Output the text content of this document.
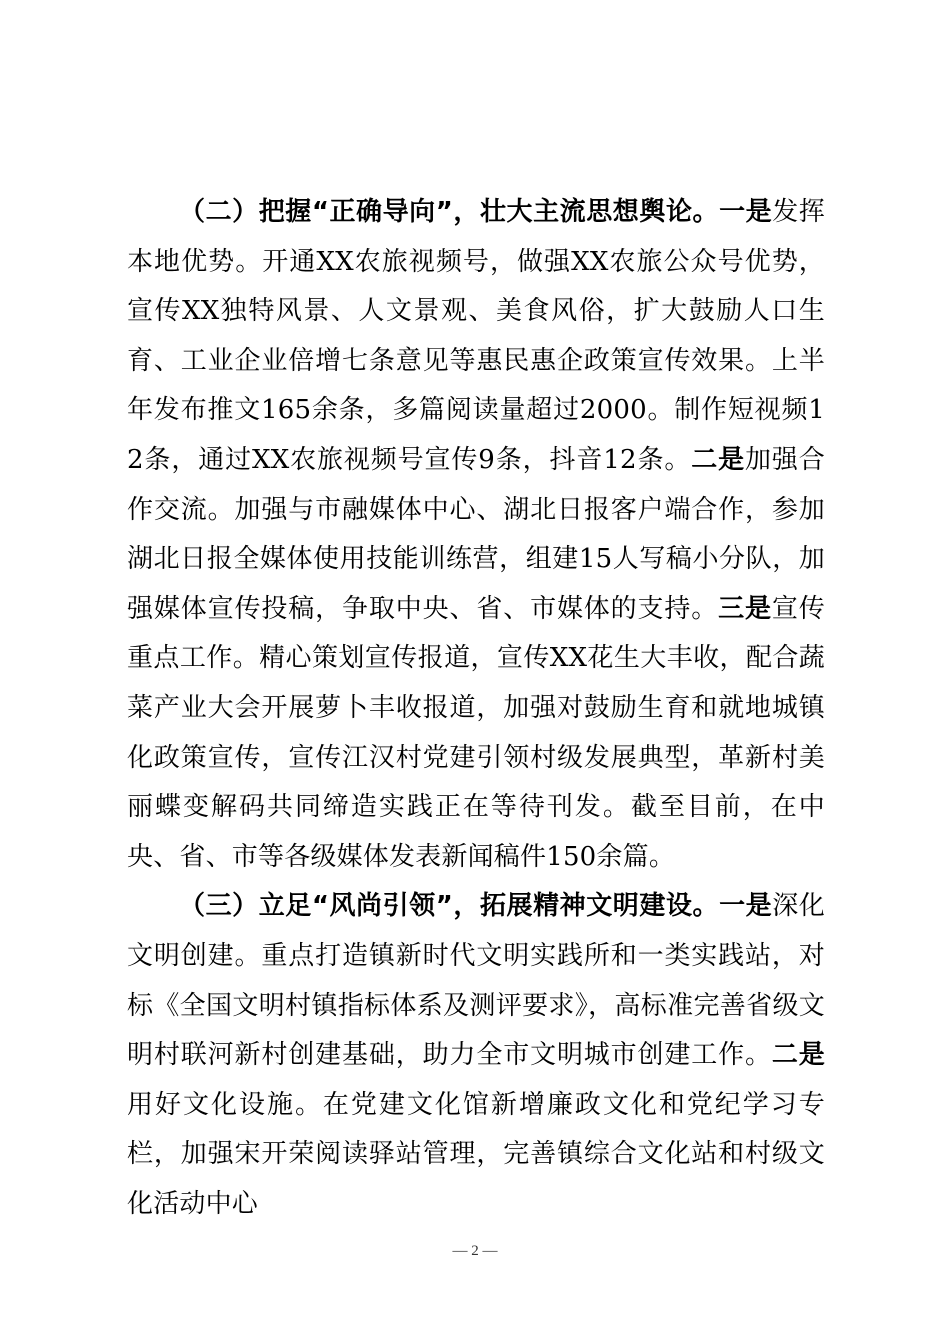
（二）把握“正确导向”，壮大主流思想舆论。一是发挥本地优势。开通XX农旅视频号，做强XX农旅公众号优势，宣传XX独特风景、人文景观、美食风俗，扩大鼓励人口生育、工业企业倍增七条意见等惠民惠企政策宣传效果。上半年发布推文165余条，多篇阅读量超过2000。制作短视频12条，通过XX农旅视频号宣传9条，抖音12条。二是加强合作交流。加强与市融媒体中心、湖北日报客户端合作，参加湖北日报全媒体使用技能训练营，组建15人写稿小分队，加强媒体宣传投稿，争取中央、省、市媒体的支持。三是宣传重点工作。精心策划宣传报道，宣传XX花生大丰收，配合蔬菜产业大会开展萝卜丰收报道，加强对鼓励生育和就地城镇化政策宣传，宣传江汉村党建引领村级发展典型，革新村美丽蝶变解码共同缔造实践正在等待刊发。截至目前，在中央、省、市等各级媒体发表新闻稿件150余篇。

（三）立足“风尚引领”，拓展精神文明建设。一是深化文明创建。重点打造镇新时代文明实践所和一类实践站，对标《全国文明村镇指标体系及测评要求》，高标准完善省级文明村联河新村创建基础，助力全市文明城市创建工作。二是用好文化设施。在党建文化馆新增廉政文化和党纪学习专栏，加强宋开荣阅读驿站管理，完善镇综合文化站和村级文化活动中心

— 2 —
